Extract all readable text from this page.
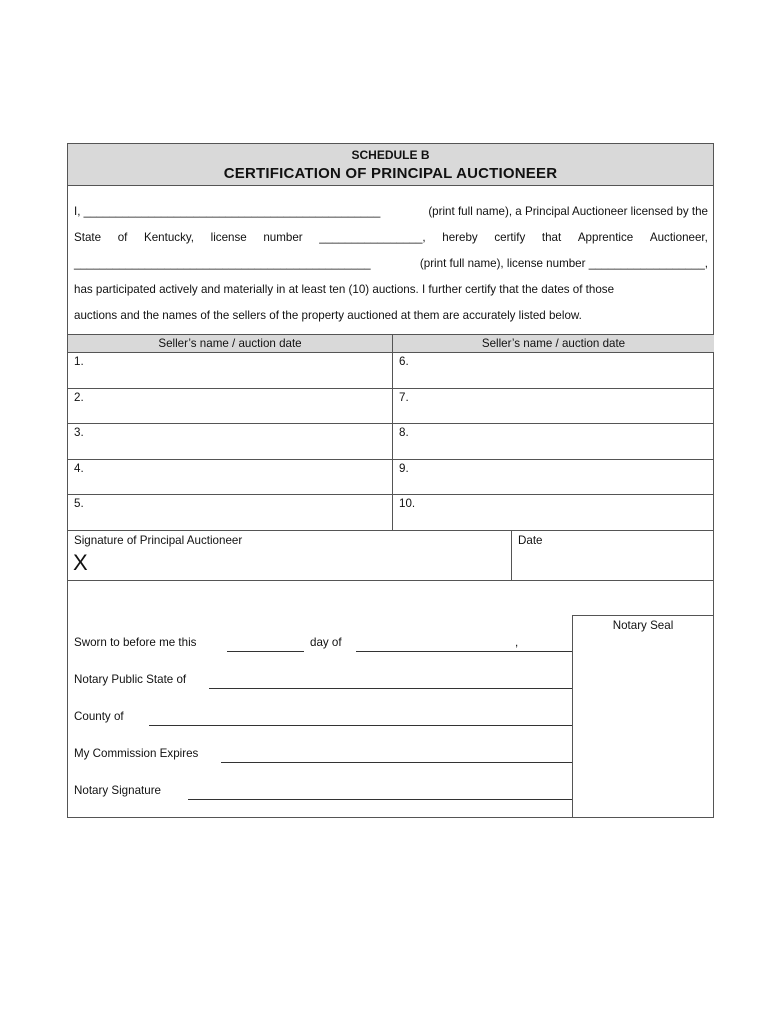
SCHEDULE B
CERTIFICATION OF PRINCIPAL AUCTIONEER
I, ______________________________________________	(print full name), a Principal Auctioneer licensed by the
State of Kentucky, license number ________________, hereby certify that Apprentice Auctioneer,
______________________________________________	(print full name), license number __________________,
has participated actively and materially in at least ten (10) auctions. I further certify that the dates of those
auctions and the names of the sellers of the property auctioned at them are accurately listed below.
Seller’s name / auction date	Seller’s name / auction date
1.	6.
2.	7.
3.	8.
4.	9.
5.	10.
Signature of Principal Auctioneer
X
Date
Notary Seal
Sworn to before me this	day of	,
Notary Public State of
County of
My Commission Expires
Notary Signature
